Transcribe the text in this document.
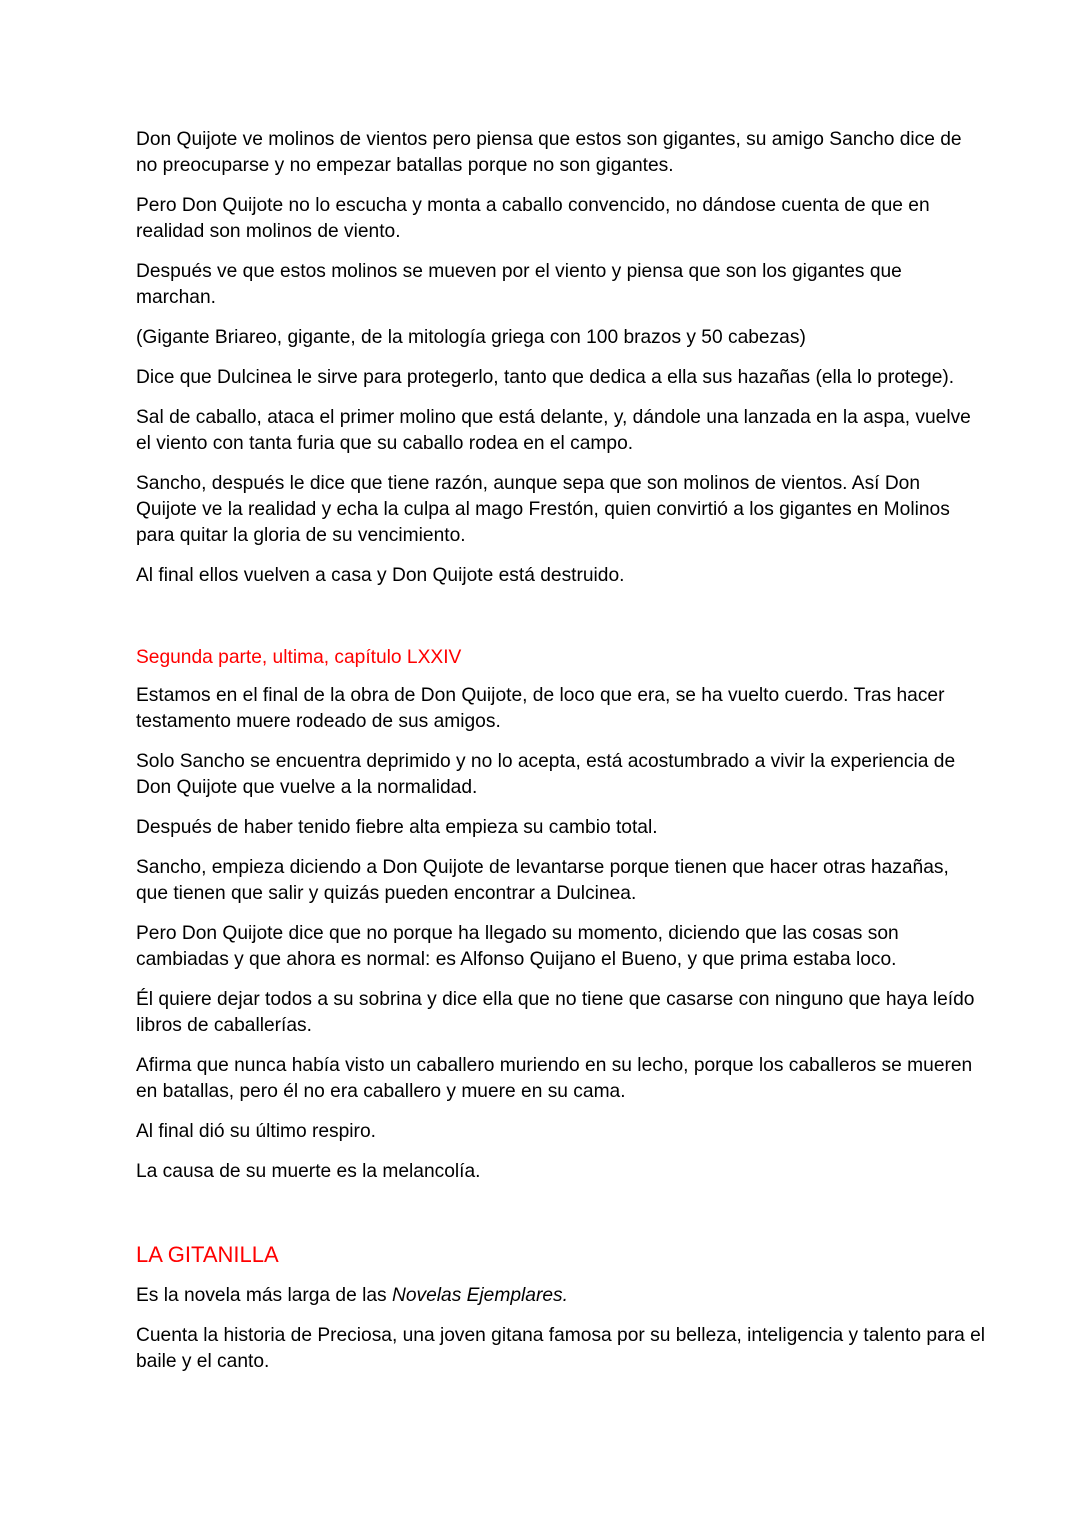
Don Quijote ve molinos de vientos pero piensa que estos son gigantes, su amigo Sancho dice de no preocuparse y no empezar batallas porque no son gigantes.

Pero Don Quijote no lo escucha y monta a caballo convencido, no dándose cuenta de que en realidad son molinos de viento.

Después ve que estos molinos se mueven por el viento y piensa que son los gigantes que marchan.

(Gigante Briareo, gigante, de la mitología griega con 100 brazos y 50 cabezas)

Dice que Dulcinea le sirve para protegerlo, tanto que dedica a ella sus hazañas (ella lo protege).

Sal de caballo, ataca el primer molino que está delante, y, dándole una lanzada en la aspa, vuelve el viento con tanta furia que su caballo rodea en el campo.

Sancho, después le dice que tiene razón, aunque sepa que son molinos de vientos. Así Don Quijote ve la realidad y echa la culpa al mago Frestón, quien convirtió a los gigantes en Molinos para quitar la gloria de su vencimiento.

Al final ellos vuelven a casa y Don Quijote está destruido.

Segunda parte, ultima, capítulo LXXIV

Estamos en el final de la obra de Don Quijote, de loco que era, se ha vuelto cuerdo. Tras hacer testamento muere rodeado de sus amigos.

Solo Sancho se encuentra deprimido y no lo acepta, está acostumbrado a vivir la experiencia de Don Quijote que vuelve a la normalidad.

Después de haber tenido fiebre alta empieza su cambio total.

Sancho, empieza diciendo a Don Quijote de levantarse porque tienen que hacer otras hazañas, que tienen que salir y quizás pueden encontrar a Dulcinea.

Pero Don Quijote dice que no porque ha llegado su momento, diciendo que las cosas son cambiadas y que ahora es normal: es Alfonso Quijano el Bueno, y que prima estaba loco.

Él quiere dejar todos a su sobrina y dice ella que no tiene que casarse con ninguno que haya leído libros de caballerías.

Afirma que nunca había visto un caballero muriendo en su lecho, porque los caballeros se mueren en batallas, pero él no era caballero y muere en su cama.

Al final dió su último respiro.

La causa de su muerte es la melancolía.

LA GITANILLA

Es la novela más larga de las Novelas Ejemplares.

Cuenta la historia de Preciosa, una joven gitana famosa por su belleza, inteligencia y talento para el baile y el canto.
